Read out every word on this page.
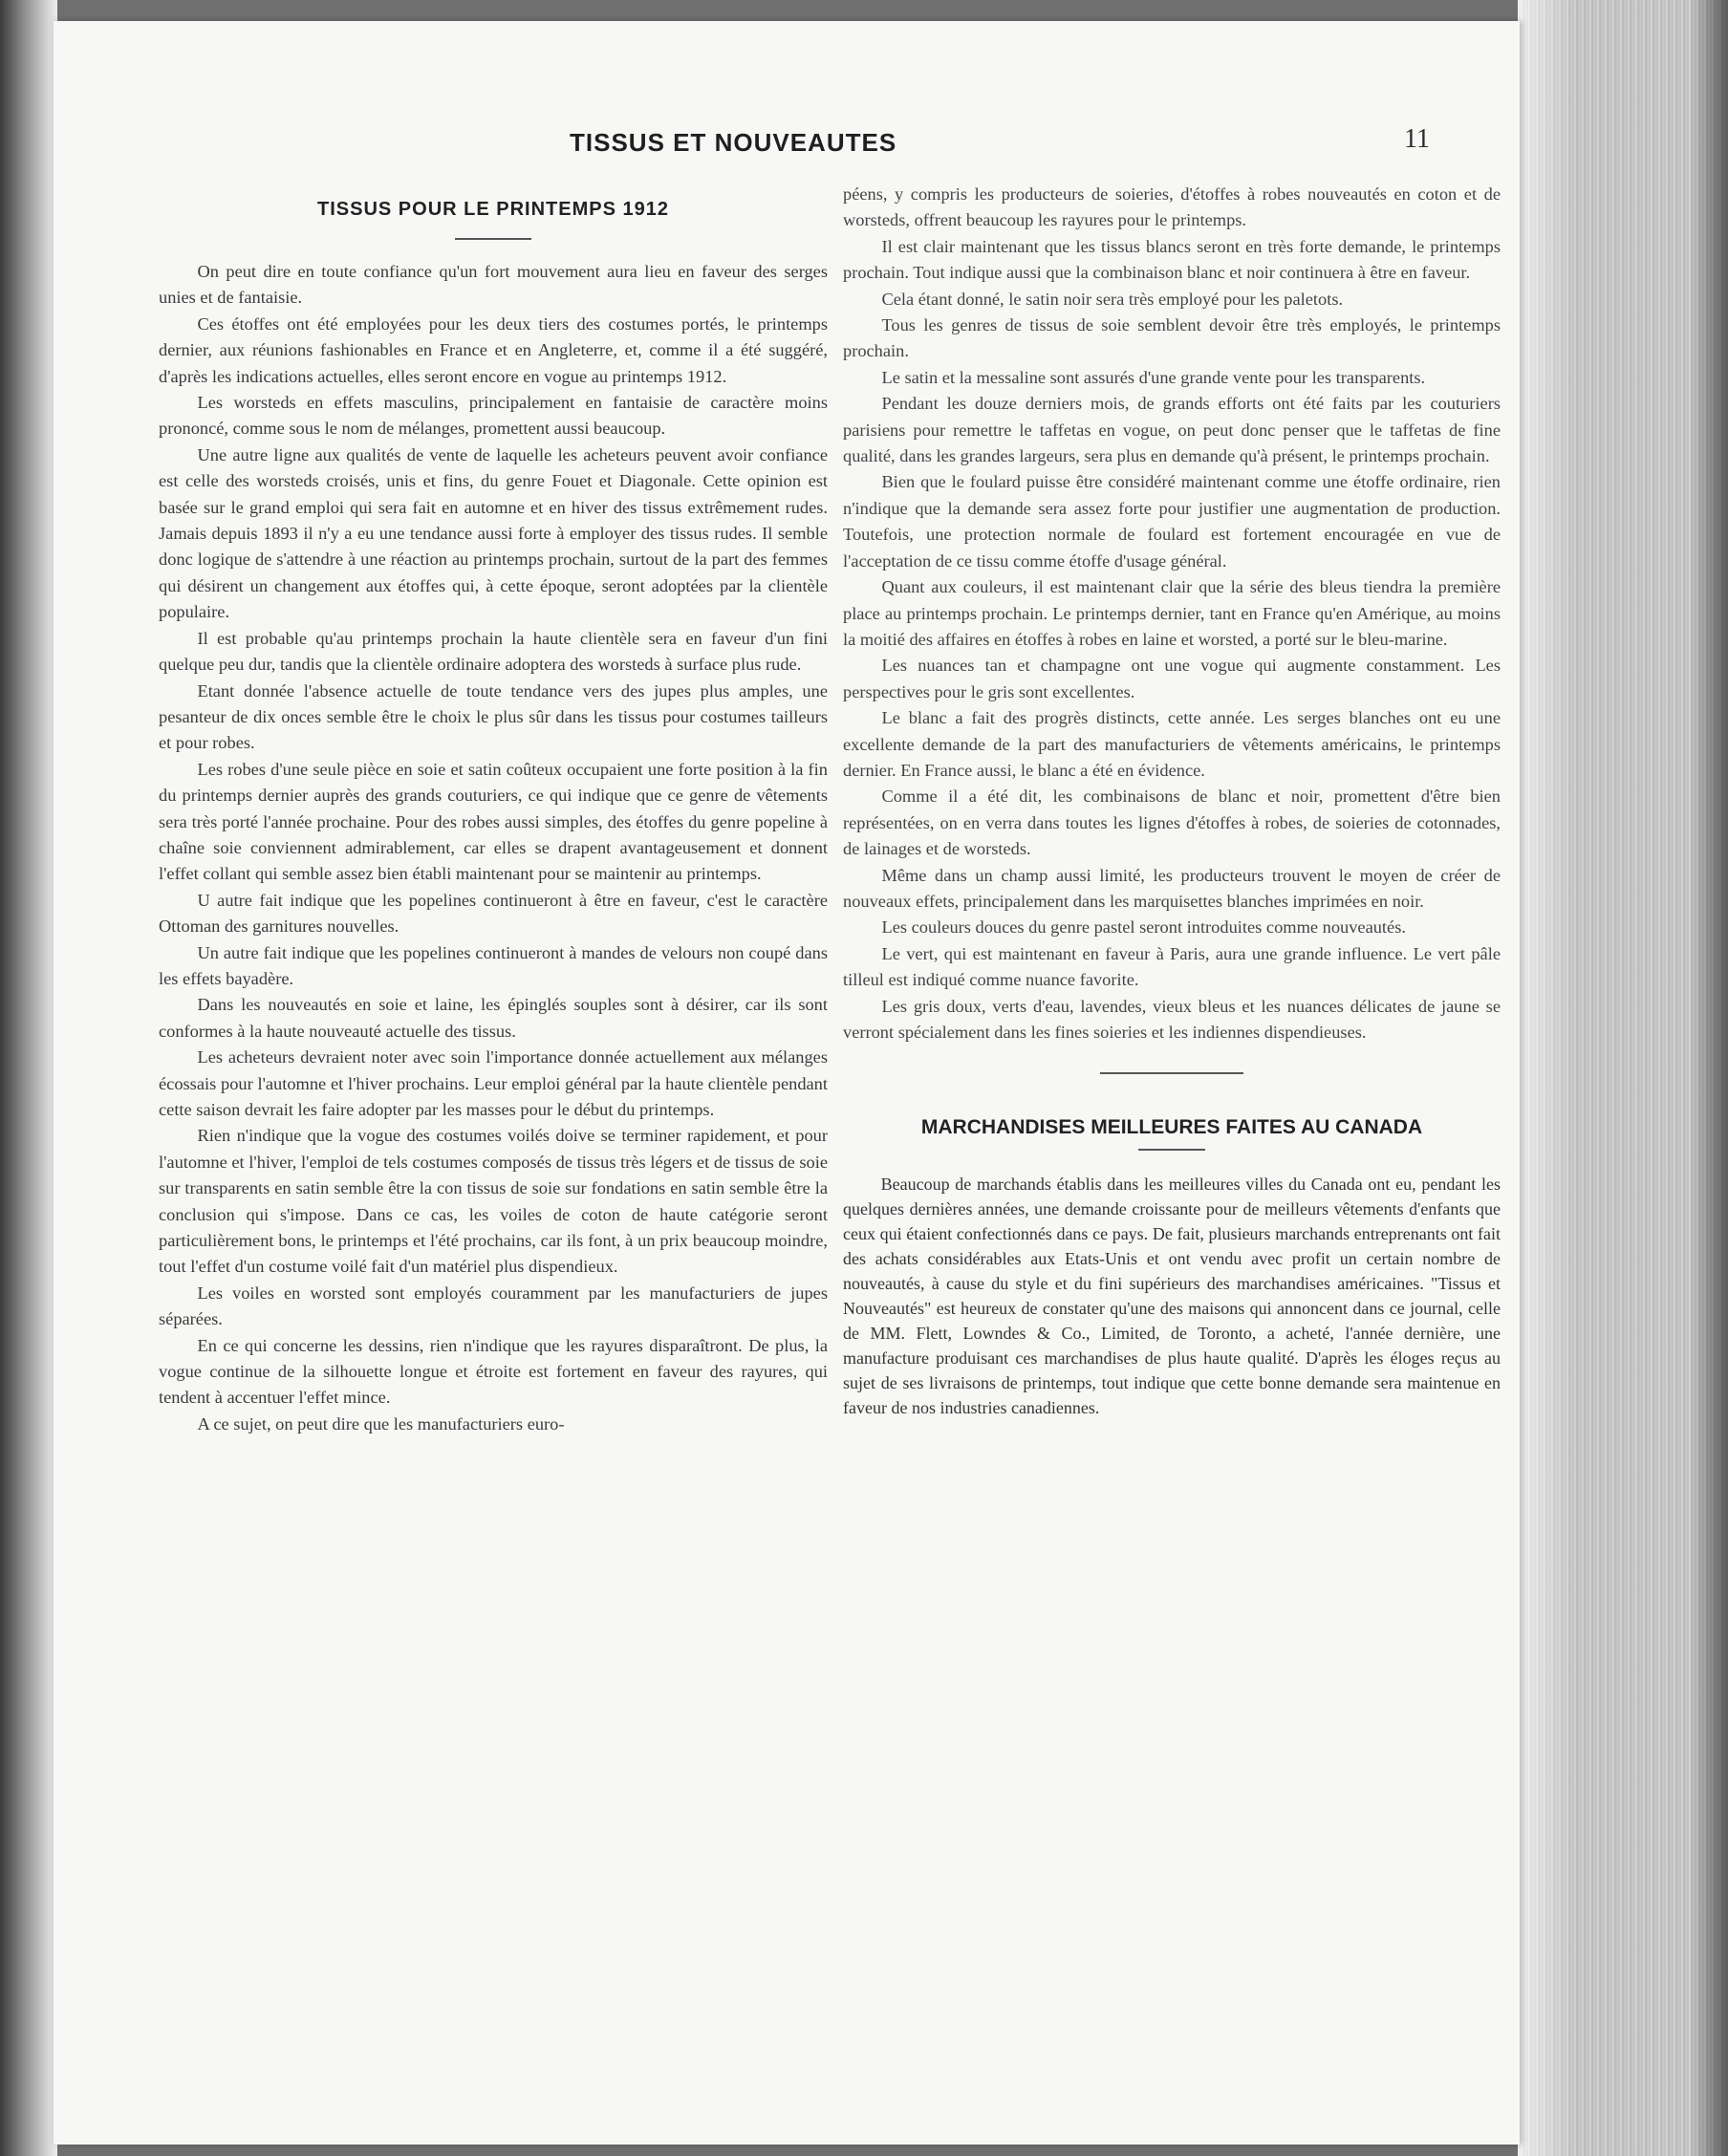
TISSUS ET NOUVEAUTES	11
TISSUS POUR LE PRINTEMPS 1912

On peut dire en toute confiance qu'un fort mouvement aura lieu en faveur des serges unies et de fantaisie.

Ces étoffes ont été employées pour les deux tiers des costumes portés, le printemps dernier, aux réunions fashionables en France et en Angleterre, et, comme il a été suggéré, d'après les indications actuelles, elles seront encore en vogue au printemps 1912.

Les worsteds en effets masculins, principalement en fantaisie de caractère moins prononcé, comme sous le nom de mélanges, promettent aussi beaucoup.

Une autre ligne aux qualités de vente de laquelle les acheteurs peuvent avoir confiance est celle des worsteds croisés, unis et fins, du genre Fouet et Diagonale. Cette opinion est basée sur le grand emploi qui sera fait en automne et en hiver des tissus extrêmement rudes. Jamais depuis 1893 il n'y a eu une tendance aussi forte à employer des tissus rudes. Il semble donc logique de s'attendre à une réaction au printemps prochain, surtout de la part des femmes qui désirent un changement aux étoffes qui, à cette époque, seront adoptées par la clientèle populaire.

Il est probable qu'au printemps prochain la haute clientèle sera en faveur d'un fini quelque peu dur, tandis que la clientèle ordinaire adoptera des worsteds à surface plus rude.

Etant donnée l'absence actuelle de toute tendance vers des jupes plus amples, une pesanteur de dix onces semble être le choix le plus sûr dans les tissus pour costumes tailleurs et pour robes.

Les robes d'une seule pièce en soie et satin coûteux occupaient une forte position à la fin du printemps dernier auprès des grands couturiers, ce qui indique que ce genre de vêtements sera très porté l'année prochaine. Pour des robes aussi simples, des étoffes du genre popeline à chaîne soie conviennent admirablement, car elles se drapent avantageusement et donnent l'effet collant qui semble assez bien établi maintenant pour se maintenir au printemps.

U autre fait indique que les popelines continueront à être en faveur, c'est le caractère Ottoman des garnitures nouvelles.

Un autre fait indique que les popelines continueront à mandes de velours non coupé dans les effets bayadère.

Dans les nouveautés en soie et laine, les épinglés souples sont à désirer, car ils sont conformes à la haute nouveauté actuelle des tissus.

Les acheteurs devraient noter avec soin l'importance donnée actuellement aux mélanges écossais pour l'automne et l'hiver prochains. Leur emploi général par la haute clientèle pendant cette saison devrait les faire adopter par les masses pour le début du printemps.

Rien n'indique que la vogue des costumes voilés doive se terminer rapidement, et pour l'automne et l'hiver, l'emploi de tels costumes composés de tissus très légers et de tissus de soie sur transparents en satin semble être la con tissus de soie sur fondations en satin semble être la conclusion qui s'impose. Dans ce cas, les voiles de coton de haute catégorie seront particulièrement bons, le printemps et l'été prochains, car ils font, à un prix beaucoup moindre, tout l'effet d'un costume voilé fait d'un matériel plus dispendieux.

Les voiles en worsted sont employés couramment par les manufacturiers de jupes séparées.

En ce qui concerne les dessins, rien n'indique que les rayures disparaîtront. De plus, la vogue continue de la silhouette longue et étroite est fortement en faveur des rayures, qui tendent à accentuer l'effet mince.

A ce sujet, on peut dire que les manufacturiers euro-

péens, y compris les producteurs de soieries, d'étoffes à robes nouveautés en coton et de worsteds, offrent beaucoup les rayures pour le printemps.

Il est clair maintenant que les tissus blancs seront en très forte demande, le printemps prochain. Tout indique aussi que la combinaison blanc et noir continuera à être en faveur.

Cela étant donné, le satin noir sera très employé pour les paletots.

Tous les genres de tissus de soie semblent devoir être très employés, le printemps prochain.

Le satin et la messaline sont assurés d'une grande vente pour les transparents.

Pendant les douze derniers mois, de grands efforts ont été faits par les couturiers parisiens pour remettre le taffetas en vogue, on peut donc penser que le taffetas de fine qualité, dans les grandes largeurs, sera plus en demande qu'à présent, le printemps prochain.

Bien que le foulard puisse être considéré maintenant comme une étoffe ordinaire, rien n'indique que la demande sera assez forte pour justifier une augmentation de production. Toutefois, une protection normale de foulard est fortement encouragée en vue de l'acceptation de ce tissu comme étoffe d'usage général.

Quant aux couleurs, il est maintenant clair que la série des bleus tiendra la première place au printemps prochain. Le printemps dernier, tant en France qu'en Amérique, au moins la moitié des affaires en étoffes à robes en laine et worsted, a porté sur le bleu-marine.

Les nuances tan et champagne ont une vogue qui augmente constamment. Les perspectives pour le gris sont excellentes.

Le blanc a fait des progrès distincts, cette année. Les serges blanches ont eu une excellente demande de la part des manufacturiers de vêtements américains, le printemps dernier. En France aussi, le blanc a été en évidence.

Comme il a été dit, les combinaisons de blanc et noir, promettent d'être bien représentées, on en verra dans toutes les lignes d'étoffes à robes, de soieries de cotonnades, de lainages et de worsteds.

Même dans un champ aussi limité, les producteurs trouvent le moyen de créer de nouveaux effets, principalement dans les marquisettes blanches imprimées en noir.

Les couleurs douces du genre pastel seront introduites comme nouveautés.

Le vert, qui est maintenant en faveur à Paris, aura une grande influence. Le vert pâle tilleul est indiqué comme nuance favorite.

Les gris doux, verts d'eau, lavendes, vieux bleus et les nuances délicates de jaune se verront spécialement dans les fines soieries et les indiennes dispendieuses.

MARCHANDISES MEILLEURES FAITES AU CANADA

Beaucoup de marchands établis dans les meilleures villes du Canada ont eu, pendant les quelques dernières années, une demande croissante pour de meilleurs vêtements d'enfants que ceux qui étaient confectionnés dans ce pays. De fait, plusieurs marchands entreprenants ont fait des achats considérables aux Etats-Unis et ont vendu avec profit un certain nombre de nouveautés, à cause du style et du fini supérieurs des marchandises américaines. "Tissus et Nouveautés" est heureux de constater qu'une des maisons qui annoncent dans ce journal, celle de MM. Flett, Lowndes & Co., Limited, de Toronto, a acheté, l'année dernière, une manufacture produisant ces marchandises de plus haute qualité. D'après les éloges reçus au sujet de ses livraisons de printemps, tout indique que cette bonne demande sera maintenue en faveur de nos industries canadiennes.
